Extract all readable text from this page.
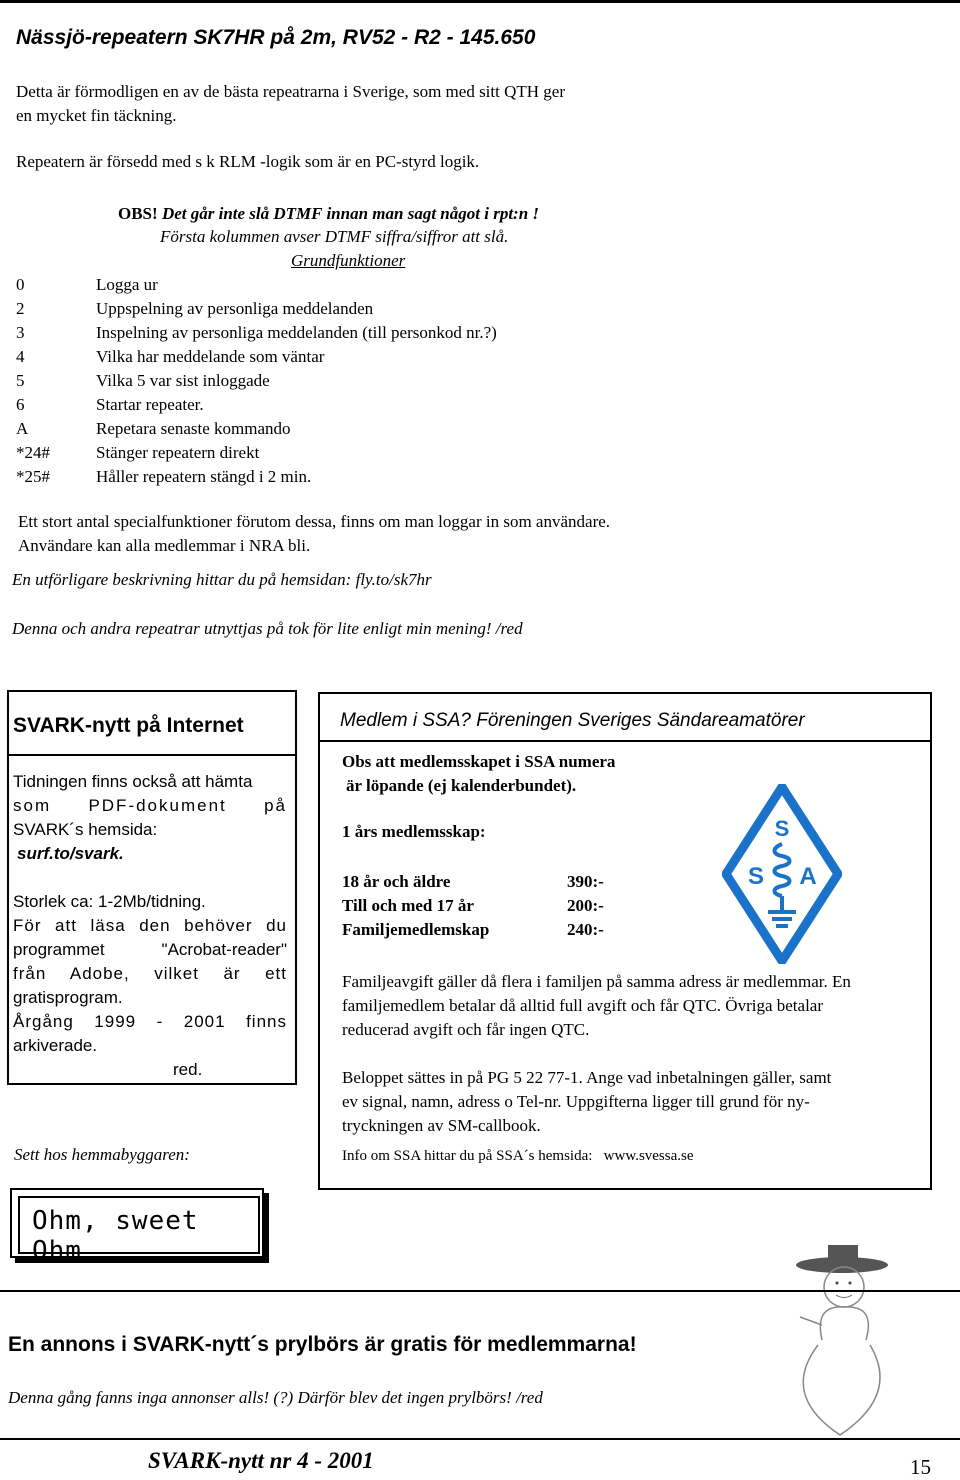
Nässjö-repeatern SK7HR på 2m, RV52 - R2 - 145.650
Detta är förmodligen en av de bästa repeatrarna i Sverige, som med sitt QTH ger
en mycket fin täckning.
Repeatern är försedd med s k RLM -logik som är en PC-styrd logik.
OBS! Det går inte slå DTMF innan man sagt något i rpt:n !
Första kolummen avser DTMF siffra/siffror att slå.
Grundfunktioner
0	Logga ur
2	Uppspelning av personliga meddelanden
3	Inspelning av personliga meddelanden (till personkod nr.?)
4	Vilka har meddelande som väntar
5	Vilka 5 var sist inloggade
6	Startar repeater.
A	Repetara senaste kommando
*24#	Stänger repeatern direkt
*25#	Håller repeatern stängd i 2 min.
Ett stort antal specialfunktioner förutom dessa, finns om man loggar in som användare.
Användare kan alla medlemmar i NRA bli.
En utförligare beskrivning hittar du på hemsidan: fly.to/sk7hr
Denna och andra repeatrar utnyttjas på tok för lite enligt min mening! /red
SVARK-nytt på Internet
Tidningen finns också att hämta
som PDF-dokument på
SVARK´s hemsida:
surf.to/svark.
Storlek ca: 1-2Mb/tidning.
För att läsa den behöver du
programmet "Acrobat-reader"
från Adobe, vilket är ett
gratisprogram.
Årgång 1999 - 2001 finns
arkiverade.
red.
Medlem i SSA? Föreningen Sveriges Sändareamatörer
Obs att medlemsskapet i SSA numera
är löpande (ej kalenderbundet).
1 års medlemsskap:
18 år och äldre	390:-
Till och med 17 år	200:-
Familjemedlemskap	240:-
S
S A
Familjeavgift gäller då flera i familjen på samma adress är medlemmar. En
familjemedlem betalar då alltid full avgift och får QTC. Övriga betalar
reducerad avgift och får ingen QTC.
Beloppet sättes in på PG 5 22 77-1. Ange vad inbetalningen gäller, samt
ev signal, namn, adress o Tel-nr. Uppgifterna ligger till grund för ny-
tryckningen av SM-callbook.
Info om SSA hittar du på SSA´s hemsida:   www.svessa.se
Sett hos hemmabyggaren:
Ohm, sweet Ohm
En annons i SVARK-nytt´s prylbörs är gratis för medlemmarna!
Denna gång fanns inga annonser alls! (?) Därför blev det ingen prylbörs! /red
SVARK-nytt nr 4 - 2001	15
